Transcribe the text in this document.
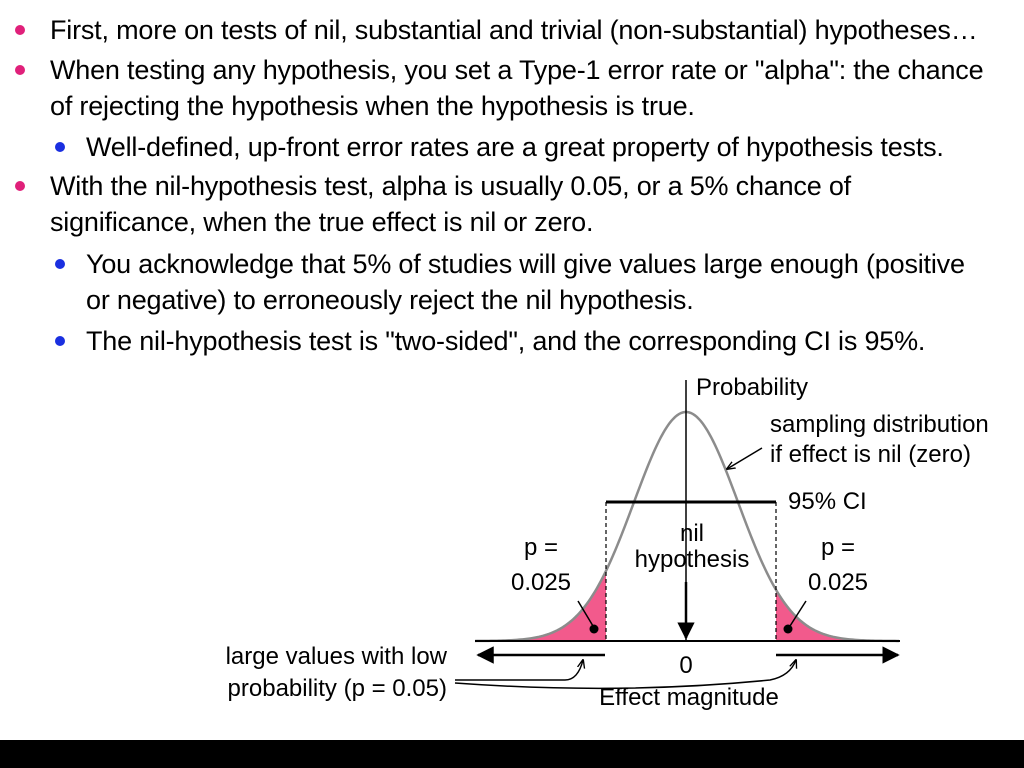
First, more on tests of nil, substantial and trivial (non-substantial) hypotheses…
When testing any hypothesis, you set a Type-1 error rate or "alpha": the chance
of rejecting the hypothesis when the hypothesis is true.
Well-defined, up-front error rates are a great property of hypothesis tests.
With the nil-hypothesis test, alpha is usually 0.05, or a 5% chance of
significance, when the true effect is nil or zero.
You acknowledge that 5% of studies will give values large enough (positive
or negative) to erroneously reject the nil hypothesis.
The nil-hypothesis test is "two-sided", and the corresponding CI is 95%.
Probability
sampling distribution
if effect is nil (zero)
95% CI
nil
hypothesis
p =
0.025
p =
0.025
0
Effect magnitude
large values with low
probability (p = 0.05)
